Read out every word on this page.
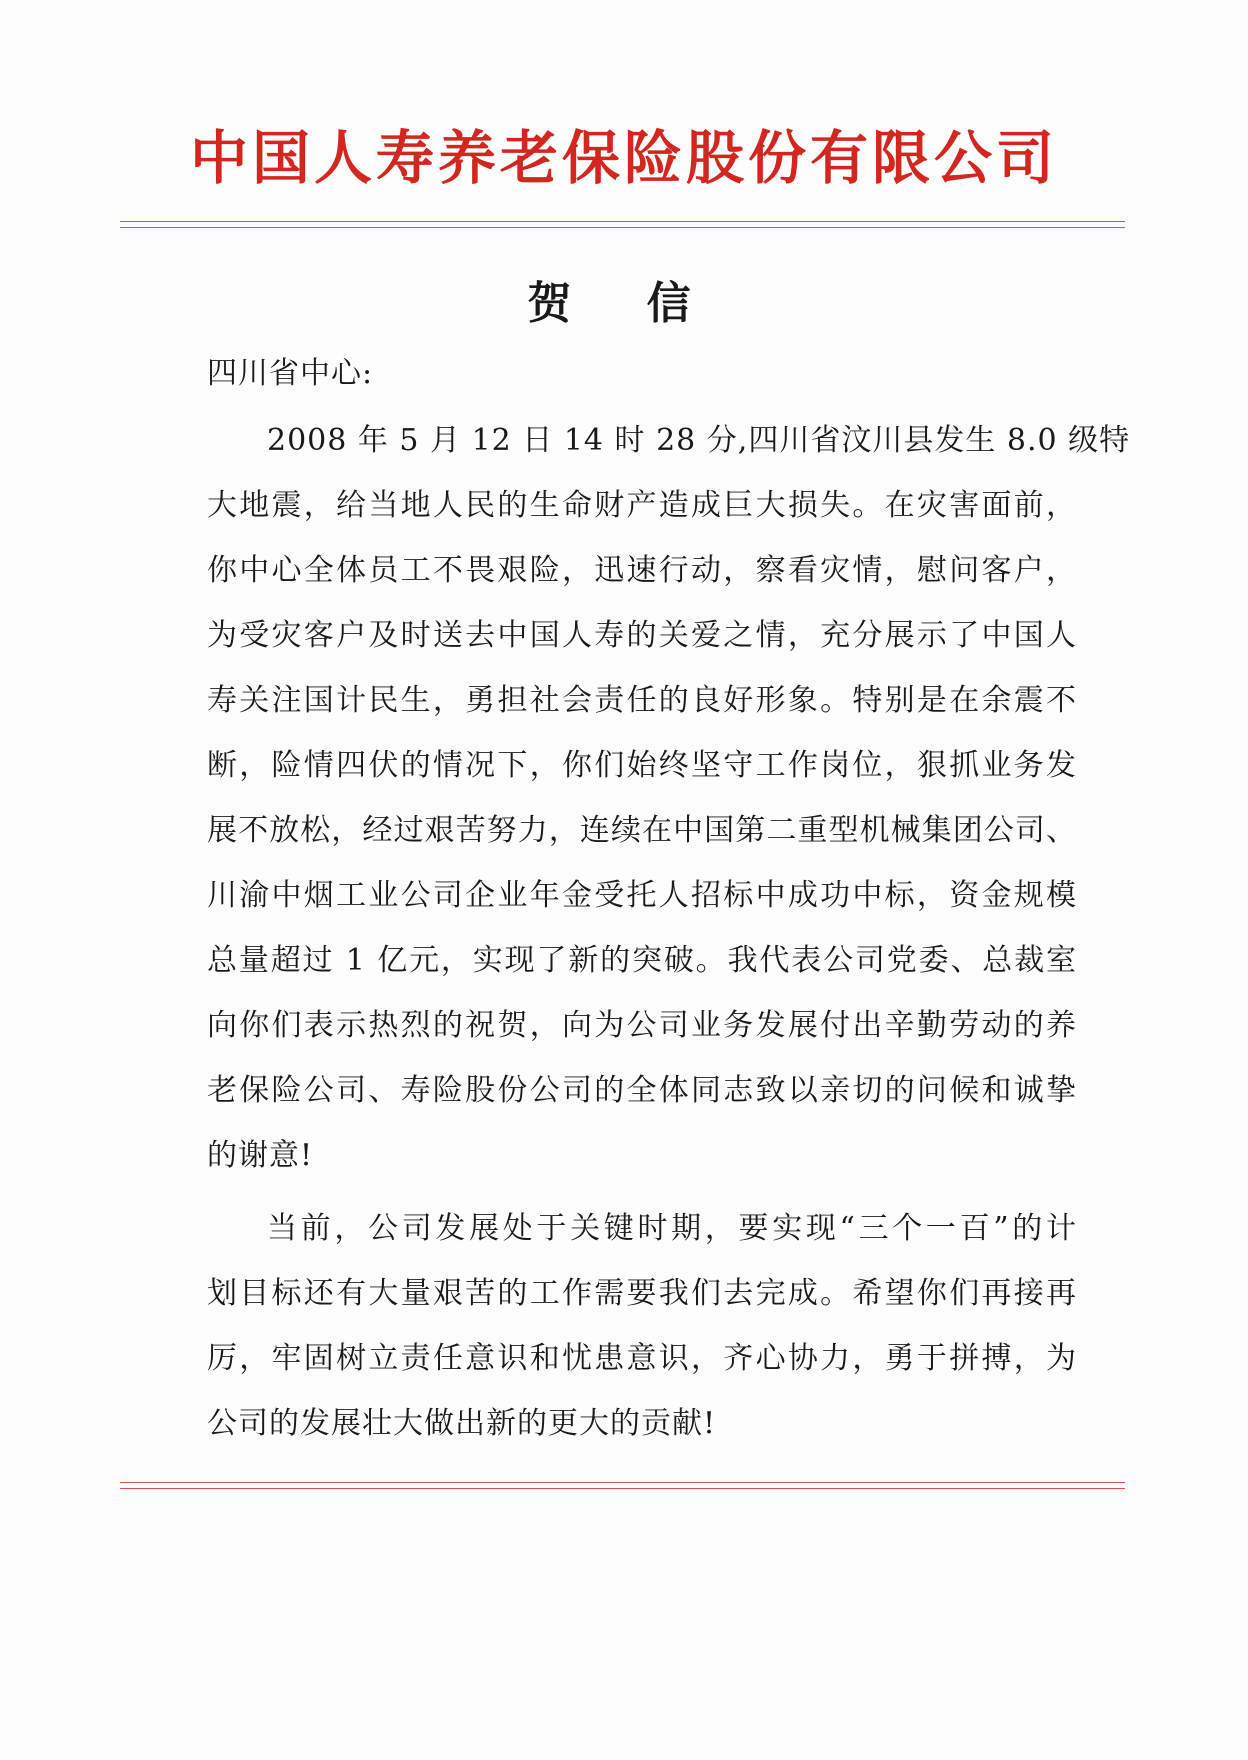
中国人寿养老保险股份有限公司
贺 信
四川省中心:
2008 年 5 月 12 日 14 时 28 分,四川省汶川县发生 8.0 级特
大地震，给当地人民的生命财产造成巨大损失。在灾害面前，
你中心全体员工不畏艰险，迅速行动，察看灾情，慰问客户，
为受灾客户及时送去中国人寿的关爱之情，充分展示了中国人
寿关注国计民生，勇担社会责任的良好形象。特别是在余震不
断，险情四伏的情况下，你们始终坚守工作岗位，狠抓业务发
展不放松，经过艰苦努力，连续在中国第二重型机械集团公司、
川渝中烟工业公司企业年金受托人招标中成功中标，资金规模
总量超过 1 亿元，实现了新的突破。我代表公司党委、总裁室
向你们表示热烈的祝贺，向为公司业务发展付出辛勤劳动的养
老保险公司、寿险股份公司的全体同志致以亲切的问候和诚挚
的谢意!
当前，公司发展处于关键时期，要实现“三个一百”的计
划目标还有大量艰苦的工作需要我们去完成。希望你们再接再
厉，牢固树立责任意识和忧患意识，齐心协力，勇于拼搏，为
公司的发展壮大做出新的更大的贡献!
